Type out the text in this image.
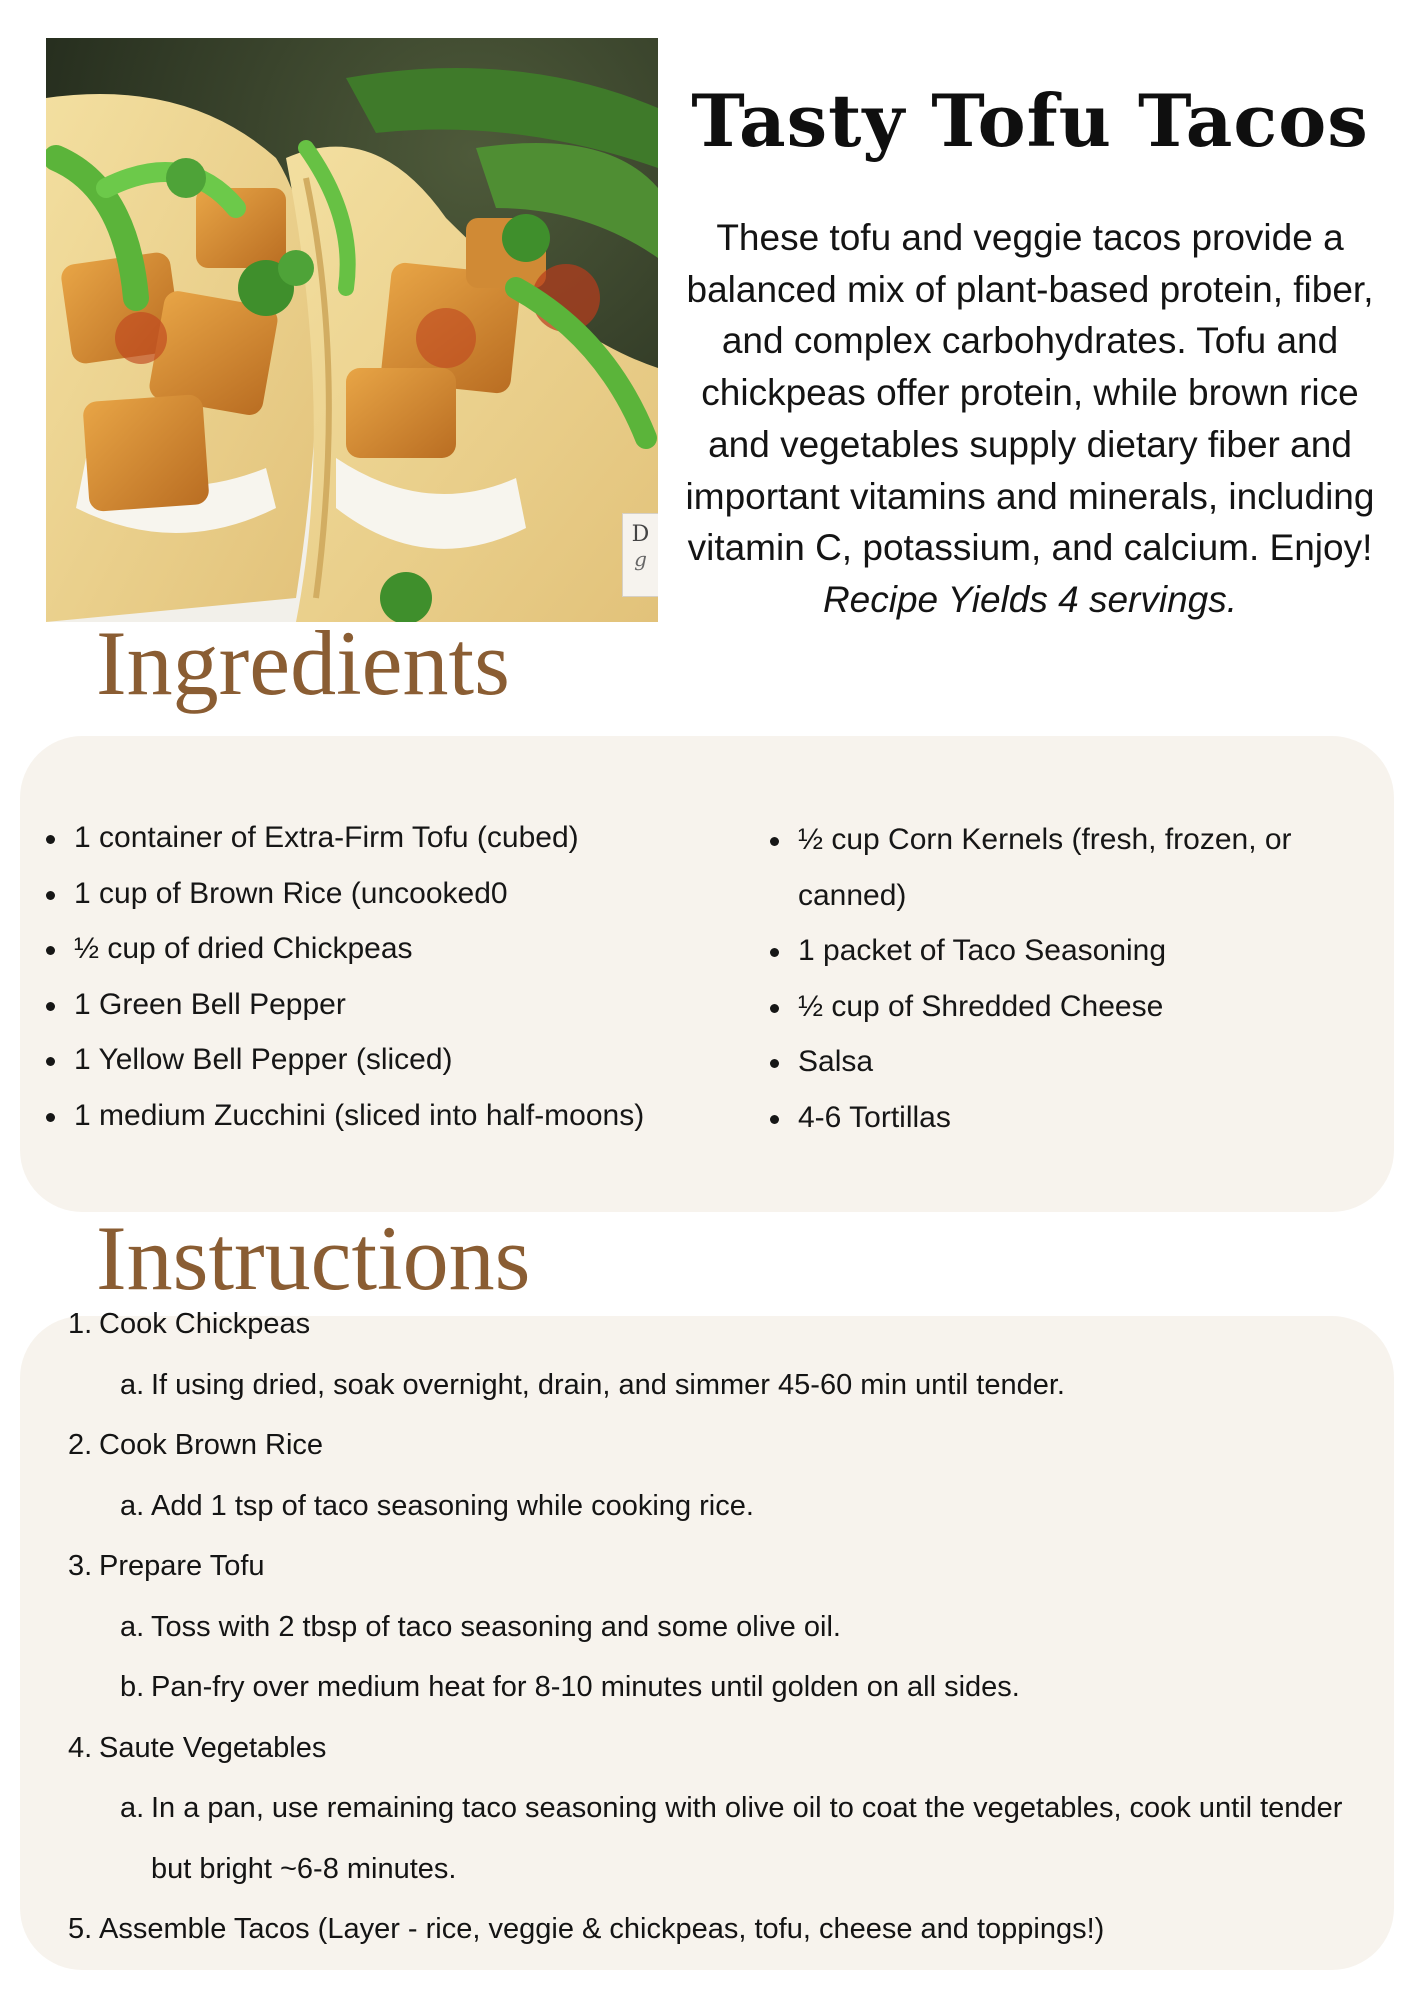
D
g
Tasty Tofu Tacos

These tofu and veggie tacos provide a balanced mix of plant-based protein, fiber, and complex carbohydrates. Tofu and chickpeas offer protein, while brown rice and vegetables supply dietary fiber and important vitamins and minerals, including vitamin C, potassium, and calcium. Enjoy!
Recipe Yields 4 servings.

Ingredients
1 container of Extra-Firm Tofu (cubed)
1 cup of Brown Rice (uncooked0
½ cup of dried Chickpeas
1 Green Bell Pepper
1 Yellow Bell Pepper (sliced)
1 medium Zucchini (sliced into half-moons)
½ cup Corn Kernels (fresh, frozen, or canned)
1 packet of Taco Seasoning
½ cup of Shredded Cheese
Salsa
4-6 Tortillas
Instructions
1. Cook Chickpeas
a. If using dried, soak overnight, drain, and simmer 45-60 min until tender.
2. Cook Brown Rice
a. Add 1 tsp of taco seasoning while cooking rice.
3. Prepare Tofu
a. Toss with 2 tbsp of taco seasoning and some olive oil.
b. Pan-fry over medium heat for 8-10 minutes until golden on all sides.
4. Saute Vegetables
a. In a pan, use remaining taco seasoning with olive oil to coat the vegetables, cook until tender but bright ~6-8 minutes.
5. Assemble Tacos (Layer - rice, veggie & chickpeas, tofu, cheese and toppings!)
